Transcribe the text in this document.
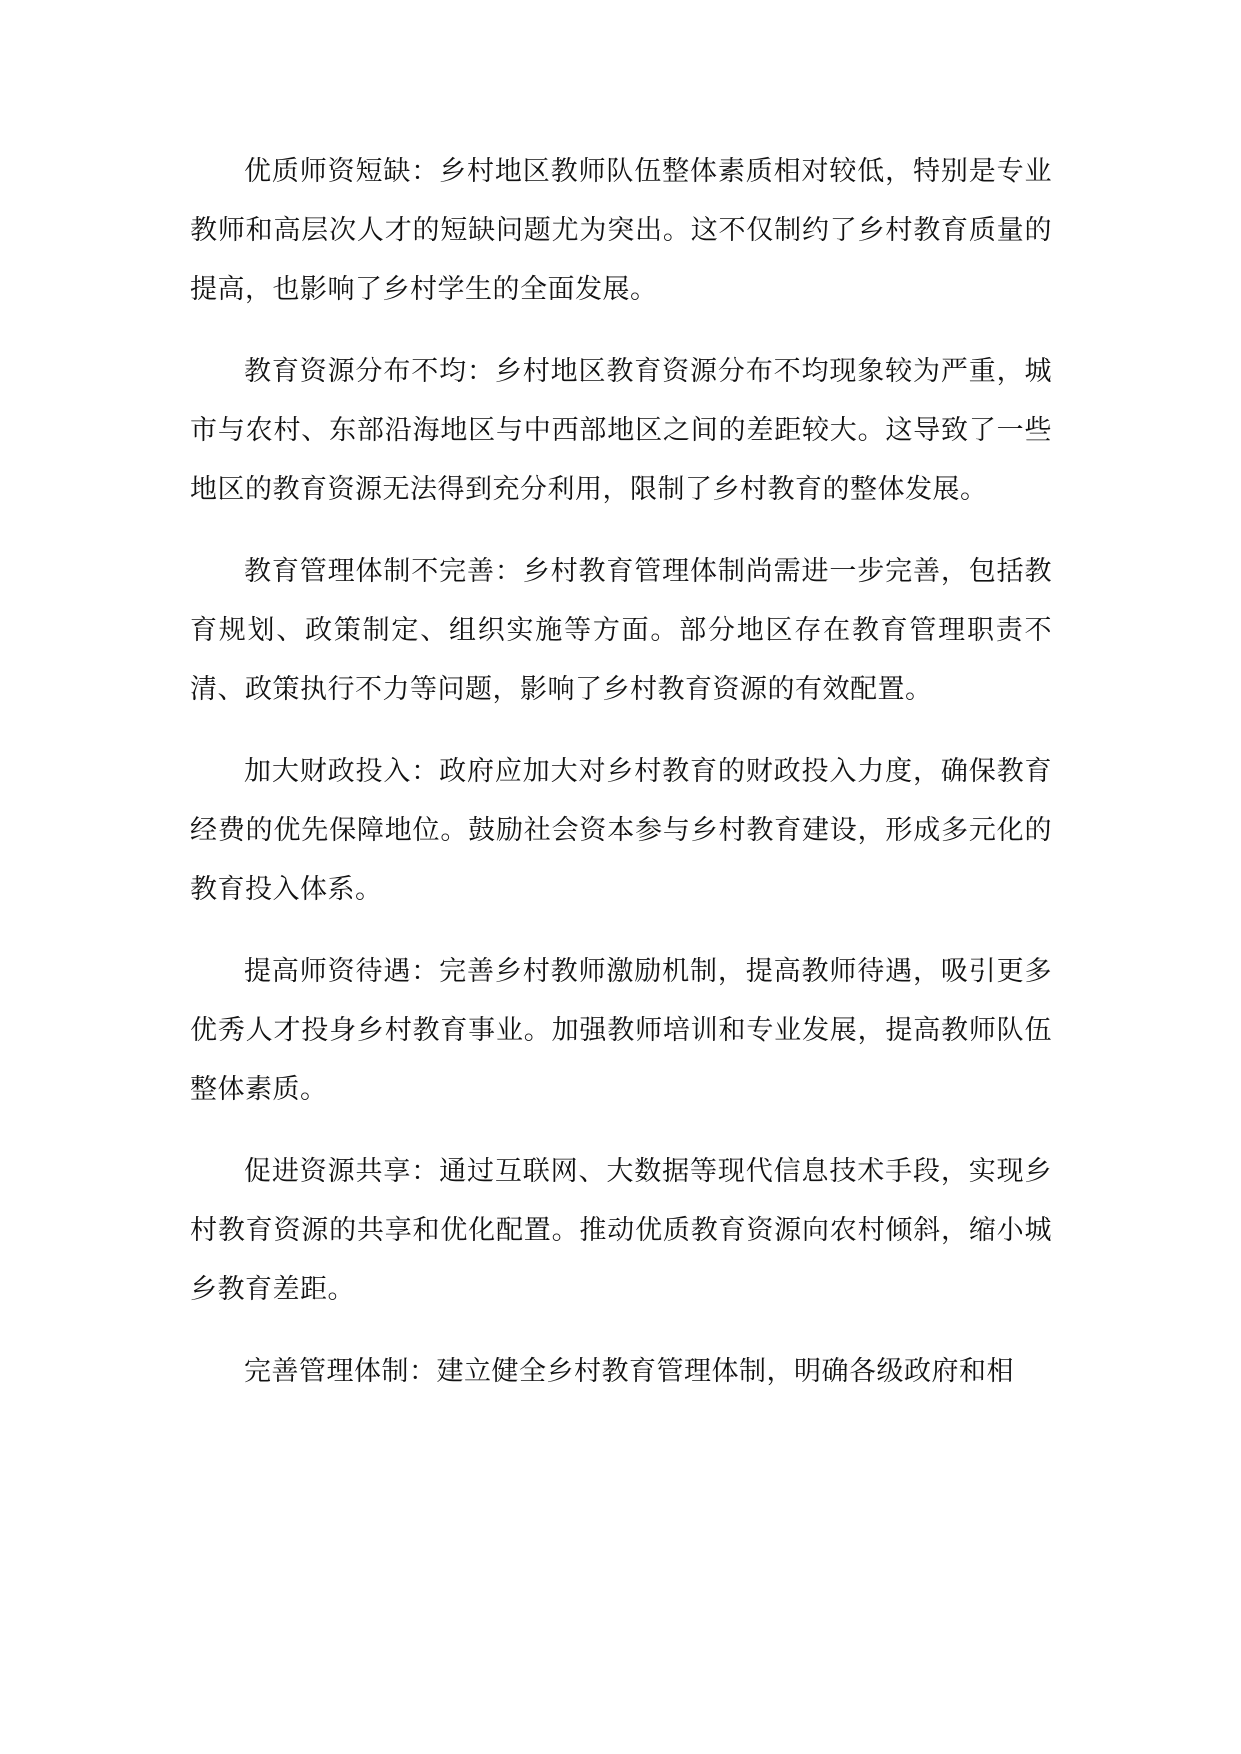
优质师资短缺：乡村地区教师队伍整体素质相对较低，特别是专业教师和高层次人才的短缺问题尤为突出。这不仅制约了乡村教育质量的提高，也影响了乡村学生的全面发展。

教育资源分布不均：乡村地区教育资源分布不均现象较为严重，城市与农村、东部沿海地区与中西部地区之间的差距较大。这导致了一些地区的教育资源无法得到充分利用，限制了乡村教育的整体发展。

教育管理体制不完善：乡村教育管理体制尚需进一步完善，包括教育规划、政策制定、组织实施等方面。部分地区存在教育管理职责不清、政策执行不力等问题，影响了乡村教育资源的有效配置。

加大财政投入：政府应加大对乡村教育的财政投入力度，确保教育经费的优先保障地位。鼓励社会资本参与乡村教育建设，形成多元化的教育投入体系。

提高师资待遇：完善乡村教师激励机制，提高教师待遇，吸引更多优秀人才投身乡村教育事业。加强教师培训和专业发展，提高教师队伍整体素质。

促进资源共享：通过互联网、大数据等现代信息技术手段，实现乡村教育资源的共享和优化配置。推动优质教育资源向农村倾斜，缩小城乡教育差距。

完善管理体制：建立健全乡村教育管理体制，明确各级政府和相
